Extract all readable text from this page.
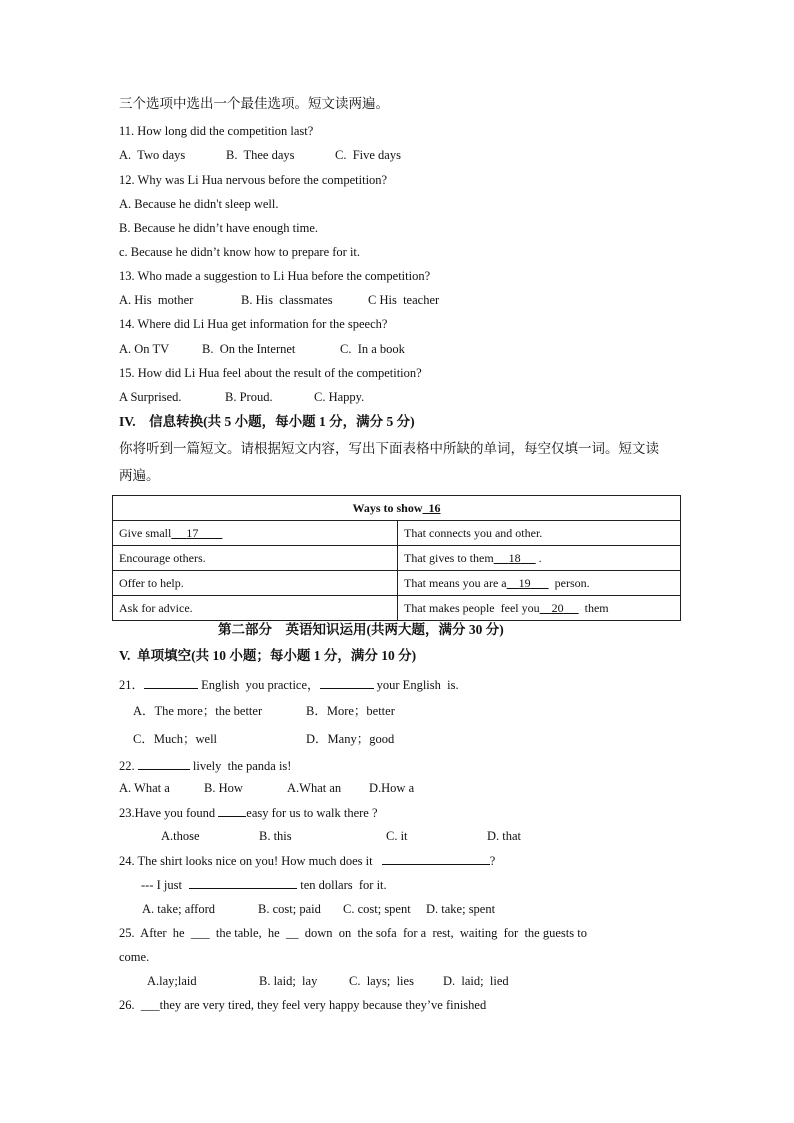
三个选项中选出一个最佳选项。短文读两遍。
11. How long did the competition last?
A.  Two days	B.  Thee days	C.  Five days
12. Why was Li Hua nervous before the competition?
A. Because he didn't sleep well.
B. Because he didn’t have enough time.
c. Because he didn’t know how to prepare for it.
13. Who made a suggestion to Li Hua before the competition?
A. His  mother	B. His  classmates	C His  teacher
14. Where did Li Hua get information for the speech?
A. On TV	B.  On the Internet	C.  In a book
15. How did Li Hua feel about the result of the competition?
A Surprised.	B. Proud.	C. Happy.
IV.    信息转换(共 5 小题，每小题 1 分，满分 5 分)
你将听到一篇短文。请根据短文内容，写出下面表格中所缺的单词，每空仅填一词。短文读
两遍。
Ways to show 16	
Give small 17	That connects you and other.
Encourage others.	That gives to them 18      .
Offer to help.	That means you are a 19        person.
Ask for advice.	That makes people  feel you 20       them
第二部分    英语知识运用(共两大题，满分 30 分)
V.  单项填空(共 10 小题；每小题 1 分，满分 10 分)
21．	English  you practice，	your English  is.
A．The more；the better	B．More；better
C．Much；well	D．Many；good
22.	lively  the panda is!
A. What a	B. How	A.What an D.How a
23.Have you found easy for us to walk there ?
A.those	B. this	C. it	D. that
24. The shirt looks nice on you! How much does it	?
--- I just	ten dollars  for it.
A. take; afford	B. cost; paid C. cost; spent D. take; spent
25.  After  he  ___  the table,  he  __  down  on  the sofa  for a  rest,  waiting  for  the guests to
come.
A.lay;laid	B. laid;  lay	C.  lays;  lies D.  laid;  lied
26.  ___they are very tired, they feel very happy because they’ve finished
